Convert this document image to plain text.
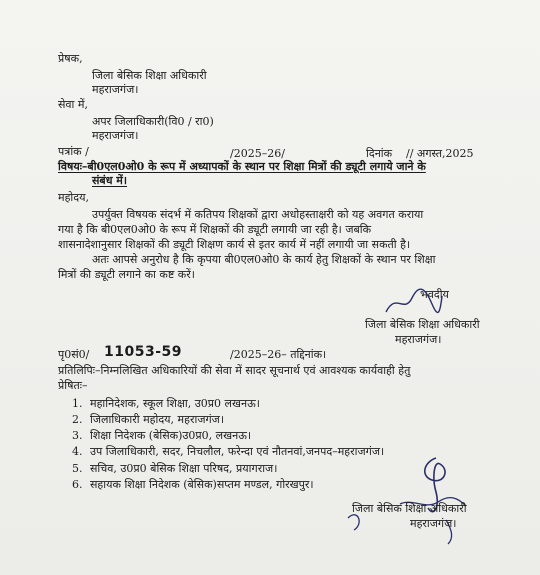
प्रेषक,
जिला बेसिक शिक्षा अधिकारी
महराजगंज।
सेवा में,
अपर जिलाधिकारी(वि0 / रा0)
महराजगंज।
पत्रांक /	/2025–26/	दिनांक // अगस्त,2025
विषयः–बी0एल0ओ0 के रूप में अध्यापकों के स्थान पर शिक्षा मित्रों की ड्यूटी लगाये जाने के
संबंध में।
महोदय,
उपर्युक्त विषयक संदर्भ में कतिपय शिक्षकों द्वारा अधोहस्ताक्षरी को यह अवगत कराया
गया है कि बी0एल0ओ0 के रूप में शिक्षकों की ड्यूटी लगायी जा रही है। जबकि
शासनादेशानुसार शिक्षकों की ड्यूटी शिक्षण कार्य से इतर कार्य में नहीं लगायी जा सकती है।
अतः आपसे अनुरोध है कि कृपया बी0एल0ओ0 के कार्य हेतु शिक्षकों के स्थान पर शिक्षा
मित्रों की ड्यूटी लगाने का कष्ट करें।
भवदीय
जिला बेसिक शिक्षा अधिकारी
महराजगंज।
पृ0सं0/ 11053-59	/2025–26– तद्दिनांक।
प्रतिलिपिः–निम्नलिखित अधिकारियों की सेवा में सादर सूचनार्थ एवं आवश्यक कार्यवाही हेतु
प्रेषितः–
1. महानिदेशक, स्कूल शिक्षा, उ0प्र0 लखनऊ।
2. जिलाधिकारी महोदय, महराजगंज।
3. शिक्षा निदेशक (बेसिक)उ0प्र0, लखनऊ।
4. उप जिलाधिकारी, सदर, निचलौल, फरेन्दा एवं नौतनवां,जनपद–महराजगंज।
5. सचिव, उ0प्र0 बेसिक शिक्षा परिषद, प्रयागराज।
6. सहायक शिक्षा निदेशक (बेसिक)सप्तम मण्डल, गोरखपुर।
जिला बेसिक शिक्षा अधिकारी
महराजगंज।
